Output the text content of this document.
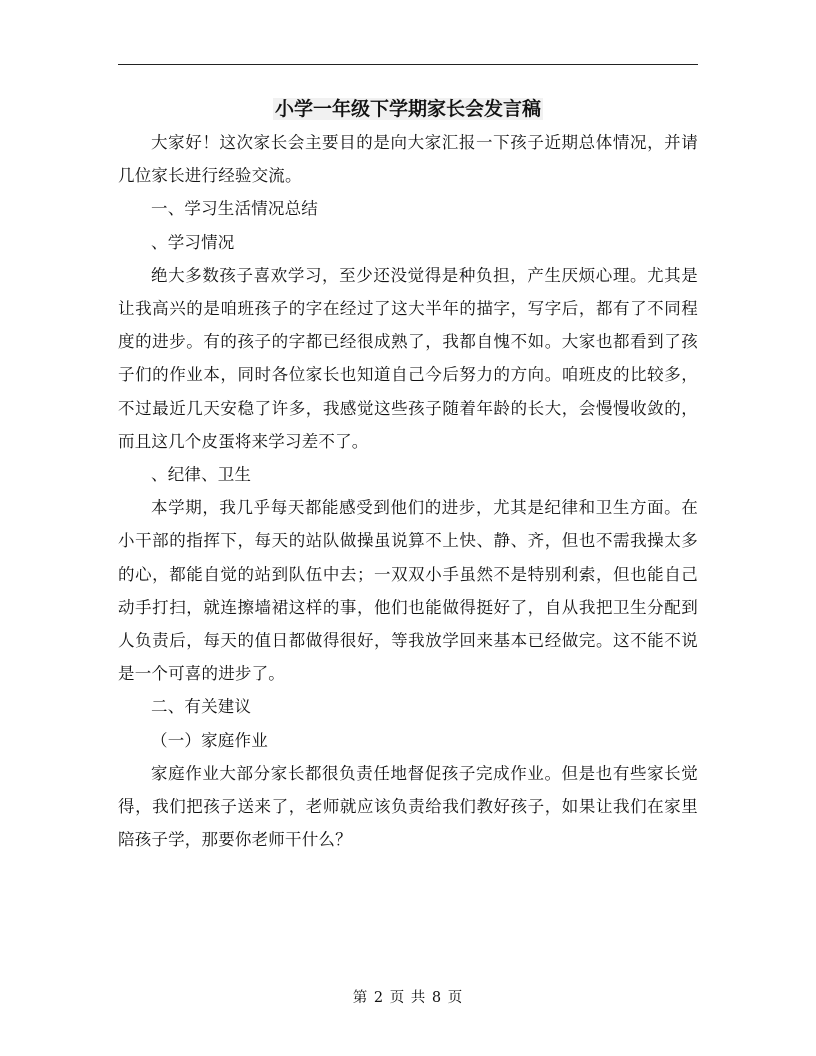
小学一年级下学期家长会发言稿

大家好！这次家长会主要目的是向大家汇报一下孩子近期总体情况，并请几位家长进行经验交流。

一、学习生活情况总结

、学习情况

绝大多数孩子喜欢学习，至少还没觉得是种负担，产生厌烦心理。尤其是让我高兴的是咱班孩子的字在经过了这大半年的描字，写字后，都有了不同程度的进步。有的孩子的字都已经很成熟了，我都自愧不如。大家也都看到了孩子们的作业本，同时各位家长也知道自己今后努力的方向。咱班皮的比较多，不过最近几天安稳了许多，我感觉这些孩子随着年龄的长大，会慢慢收敛的，而且这几个皮蛋将来学习差不了。

、纪律、卫生

本学期，我几乎每天都能感受到他们的进步，尤其是纪律和卫生方面。在小干部的指挥下，每天的站队做操虽说算不上快、静、齐，但也不需我操太多的心，都能自觉的站到队伍中去；一双双小手虽然不是特别利索，但也能自己动手打扫，就连擦墙裙这样的事，他们也能做得挺好了，自从我把卫生分配到人负责后，每天的值日都做得很好，等我放学回来基本已经做完。这不能不说是一个可喜的进步了。

二、有关建议

（一）家庭作业

家庭作业大部分家长都很负责任地督促孩子完成作业。但是也有些家长觉得，我们把孩子送来了，老师就应该负责给我们教好孩子，如果让我们在家里陪孩子学，那要你老师干什么？

第 2 页 共 8 页
